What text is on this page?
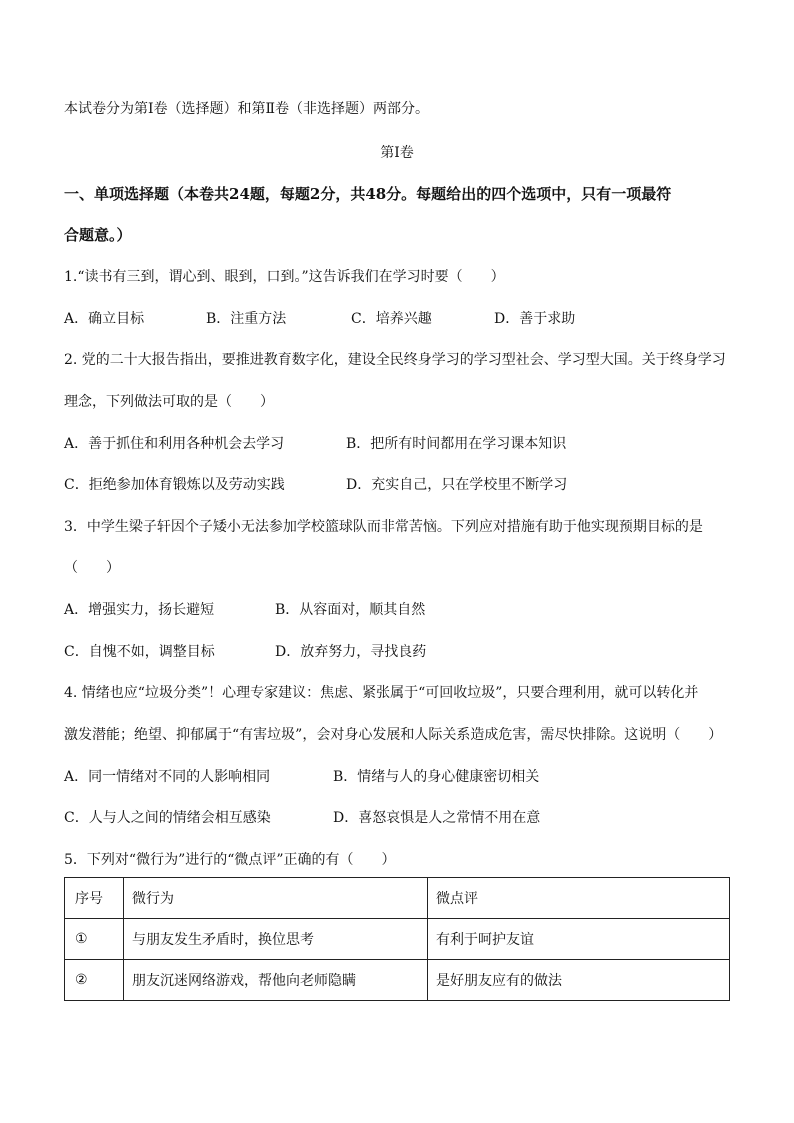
本试卷分为第Ⅰ卷（选择题）和第Ⅱ卷（非选择题）两部分。
第Ⅰ卷
一、单项选择题（本卷共24题，每题2分，共48分。每题给出的四个选项中，只有一项最符
合题意。）
1.“读书有三到，谓心到、眼到，口到。”这告诉我们在学习时要（　　）
A．确立目标	B．注重方法	C．培养兴趣	D．善于求助
2. 党的二十大报告指出，要推进教育数字化，建设全民终身学习的学习型社会、学习型大国。关于终身学习
理念，下列做法可取的是（　　）
A．善于抓住和利用各种机会去学习	B．把所有时间都用在学习课本知识
C．拒绝参加体育锻炼以及劳动实践	D．充实自己，只在学校里不断学习
3．中学生梁子轩因个子矮小无法参加学校篮球队而非常苦恼。下列应对措施有助于他实现预期目标的是
（　　）
A．增强实力，扬长避短	B．从容面对，顺其自然
C．自愧不如，调整目标	D．放弃努力，寻找良药
4. 情绪也应“垃圾分类”！心理专家建议：焦虑、紧张属于“可回收垃圾”，只要合理利用，就可以转化并
激发潜能；绝望、抑郁属于“有害垃圾”，会对身心发展和人际关系造成危害，需尽快排除。这说明（　　）
A．同一情绪对不同的人影响相同	B．情绪与人的身心健康密切相关
C．人与人之间的情绪会相互感染	D．喜怒哀惧是人之常情不用在意
5．下列对“微行为”进行的“微点评”正确的有（　　）
序号	微行为	微点评
①	与朋友发生矛盾时，换位思考	有利于呵护友谊
②	朋友沉迷网络游戏，帮他向老师隐瞒	是好朋友应有的做法
